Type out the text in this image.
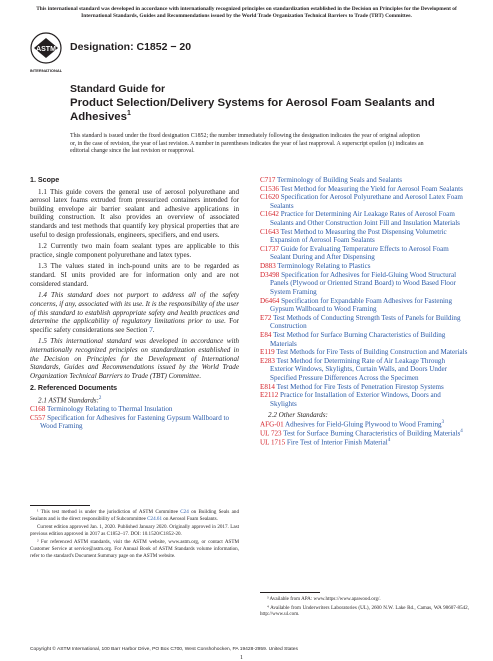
This international standard was developed in accordance with internationally recognized principles on standardization established in the Decision on Principles for the Development of International Standards, Guides and Recommendations issued by the World Trade Organization Technical Barriers to Trade (TBT) Committee.
ASTM
INTERNATIONAL
Designation: C1852 − 20
Standard Guide for
Product Selection/Delivery Systems for Aerosol Foam Sealants and Adhesives$^1$
This standard is issued under the fixed designation C1852; the number immediately following the designation indicates the year of original adoption or, in the case of revision, the year of last revision. A number in parentheses indicates the year of last reapproval. A superscript epsilon (ε) indicates an editorial change since the last revision or reapproval.
1. Scope

1.1 This guide covers the general use of aerosol polyurethane and aerosol latex foams extruded from pressurized containers intended for building envelope air barrier sealant and adhesive applications in building construction. It also provides an overview of associated standards and test methods that quantify key physical properties that are useful to design professionals, engineers, specifiers, and end users.

1.2 Currently two main foam sealant types are applicable to this practice, single component polyurethane and latex types.

1.3 The values stated in inch-pound units are to be regarded as standard. SI units provided are for information only and are not considered standard.

1.4 This standard does not purport to address all of the safety concerns, if any, associated with its use. It is the responsibility of the user of this standard to establish appropriate safety and health practices and determine the applicability of regulatory limitations prior to use. For specific safety considerations see Section 7.

1.5 This international standard was developed in accordance with internationally recognized principles on standardization established in the Decision on Principles for the Development of International Standards, Guides and Recommendations issued by the World Trade Organization Technical Barriers to Trade (TBT) Committee.

2. Referenced Documents
2.1 ASTM Standards:$^2$

C168 Terminology Relating to Thermal Insulation

C557 Specification for Adhesives for Fastening Gypsum Wallboard to Wood Framing

¹ This test method is under the jurisdiction of ASTM Committee C24 on Building Seals and Sealants and is the direct responsibility of Subcommittee C24.61 on Aerosol Foam Sealants.

Current edition approved Jan. 1, 2020. Published January 2020. Originally approved in 2017. Last previous edition approved in 2017 as C1852–17. DOI: 10.1520/C1852-20.

² For referenced ASTM standards, visit the ASTM website, www.astm.org, or contact ASTM Customer Service at service@astm.org. For Annual Book of ASTM Standards volume information, refer to the standard's Document Summary page on the ASTM website.

C717 Terminology of Building Seals and Sealants

C1536 Test Method for Measuring the Yield for Aerosol Foam Sealants

C1620 Specification for Aerosol Polyurethane and Aerosol Latex Foam Sealants

C1642 Practice for Determining Air Leakage Rates of Aerosol Foam Sealants and Other Construction Joint Fill and Insulation Materials

C1643 Test Method to Measuring the Post Dispensing Volumetric Expansion of Aerosol Foam Sealants

C1737 Guide for Evaluating Temperature Effects to Aerosol Foam Sealant During and After Dispensing

D883 Terminology Relating to Plastics

D3498 Specification for Adhesives for Field-Gluing Wood Structural Panels (Plywood or Oriented Strand Board) to Wood Based Floor System Framing

D6464 Specification for Expandable Foam Adhesives for Fastening Gypsum Wallboard to Wood Framing

E72 Test Methods of Conducting Strength Tests of Panels for Building Construction

E84 Test Method for Surface Burning Characteristics of Building Materials

E119 Test Methods for Fire Tests of Building Construction and Materials

E283 Test Method for Determining Rate of Air Leakage Through Exterior Windows, Skylights, Curtain Walls, and Doors Under Specified Pressure Differences Across the Specimen

E814 Test Method for Fire Tests of Penetration Firestop Systems

E2112 Practice for Installation of Exterior Windows, Doors and Skylights

2.2 Other Standards:

AFG-01 Adhesives for Field-Gluing Plywood to Wood Framing$^3$

UL 723 Test for Surface Burning Characteristics of Building Materials$^4$

UL 1715 Fire Test of Interior Finish Material$^4$

³ Available from APA: www.https://www.apawood.org/.

⁴ Available from Underwriters Laboratories (UL), 2600 N.W. Lake Rd., Camas, WA 98607-8542, http://www.ul.com.

Copyright © ASTM International, 100 Barr Harbor Drive, PO Box C700, West Conshohocken, PA 19428-2959. United States
1
